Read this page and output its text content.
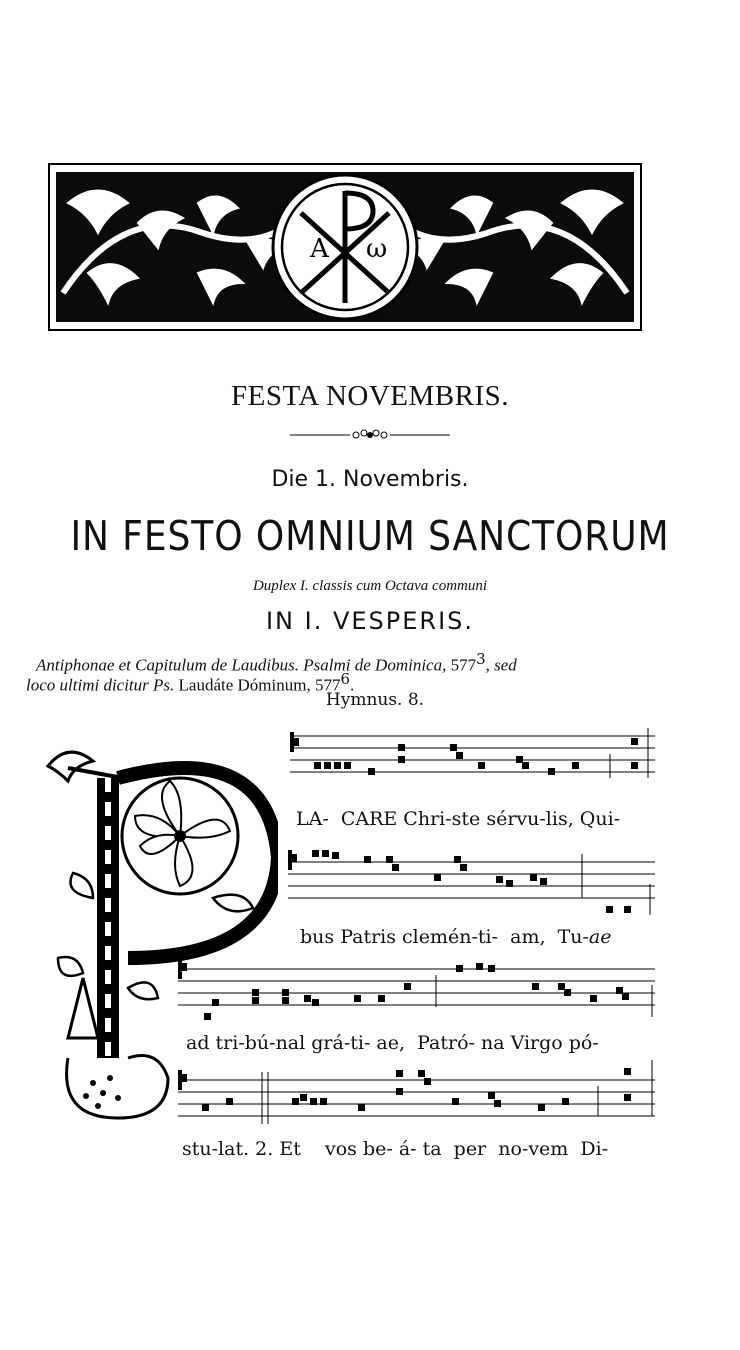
A ω
FESTA NOVEMBRIS.
Die 1. Novembris.
IN FESTO OMNIUM SANCTORUM
Duplex I. classis cum Octava communi
IN I. VESPERIS.
Antiphonae et Capitulum de Laudibus. Psalmi de Dominica, $577^3$, sed
loco ultimi dicitur Ps. Laudáte Dóminum, $577^6$.
Hymnus. 8.
LA-  CARE Chri-ste sérvu-lis, Qui-
bus Patris clemén-ti-  am,  Tu-ae
ad tri-bú-nal grá-ti- ae,  Patró- na Virgo pó-
stu-lat. 2. Et    vos be- á- ta  per  no-vem  Di-
